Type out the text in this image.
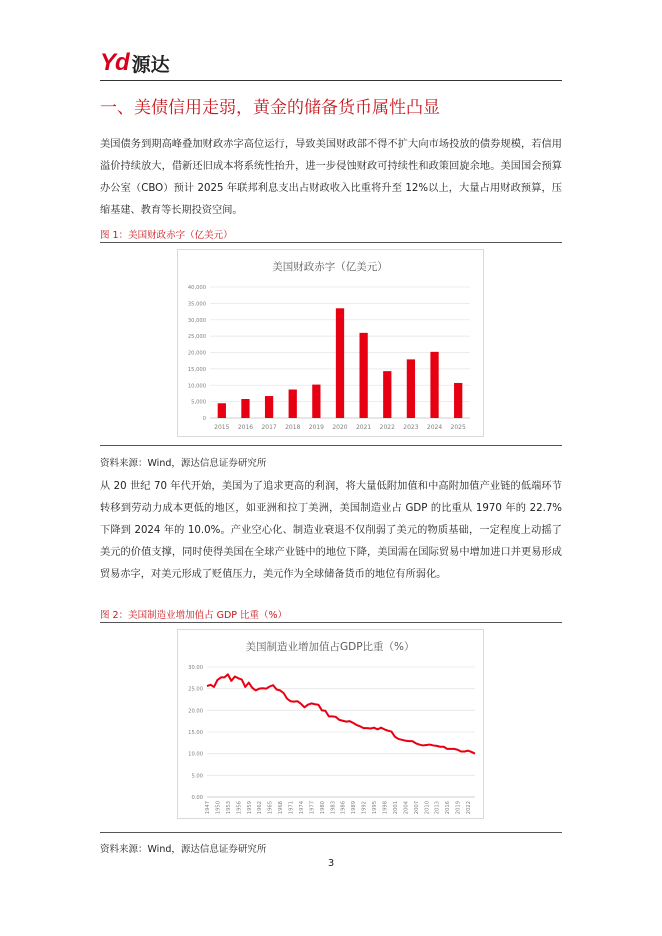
Yd 源达
一、美债信用走弱，黄金的储备货币属性凸显

美国债务到期高峰叠加财政赤字高位运行，导致美国财政部不得不扩大向市场投放的债券规模，若信用溢价持续放大，借新还旧成本将系统性抬升，进一步侵蚀财政可持续性和政策回旋余地。美国国会预算办公室（CBO）预计 2025 年联邦利息支出占财政收入比重将升至 12%以上，大量占用财政预算，压缩基建、教育等长期投资空间。

图 1：美国财政赤字（亿美元）
美国财政赤字（亿美元）
0
5,000
10,000
15,000
20,000
25,000
30,000
35,000
40,000
2015 2016 2017 2018 2019 2020 2021 2022 2023 2024 2025
资料来源：Wind，源达信息证券研究所

从 20 世纪 70 年代开始，美国为了追求更高的利润，将大量低附加值和中高附加值产业链的低端环节转移到劳动力成本更低的地区，如亚洲和拉丁美洲，美国制造业占 GDP 的比重从 1970 年的 22.7%下降到 2024 年的 10.0%。产业空心化、制造业衰退不仅削弱了美元的物质基础，一定程度上动摇了美元的价值支撑，同时使得美国在全球产业链中的地位下降，美国需在国际贸易中增加进口并更易形成贸易赤字，对美元形成了贬值压力，美元作为全球储备货币的地位有所弱化。

图 2：美国制造业增加值占 GDP 比重（%）
美国制造业增加值占GDP比重（%）
0.00
5.00
10.00
15.00
20.00
25.00
30.00
1947 1950 1953 1956 1959 1962 1965 1968 1971 1974 1977 1980 1983 1986 1989 1992 1995 1998 2001 2004 2007 2010 2013 2016 2019 2022
资料来源：Wind，源达信息证券研究所
3
